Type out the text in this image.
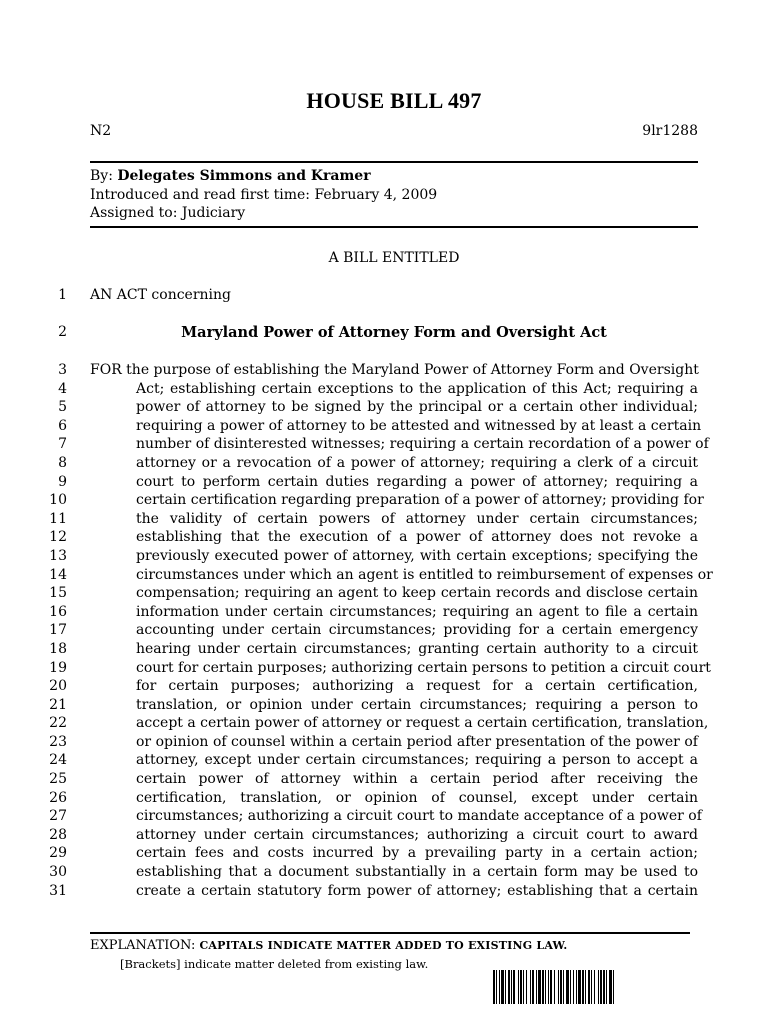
HOUSE BILL 497
N2	9lr1288
By: Delegates Simmons and Kramer
Introduced and read first time: February 4, 2009
Assigned to: Judiciary
A BILL ENTITLED
1 AN ACT concerning
2	Maryland Power of Attorney Form and Oversight Act
3
4
5
6
7
8
9
10
11
12
13
14
15
16
17
18
19
20
21
22
23
24
25
26
27
28
29
30
31
FOR the purpose of establishing the Maryland Power of Attorney Form and Oversight
Act; establishing certain exceptions to the application of this Act; requiring a
power of attorney to be signed by the principal or a certain other individual;
requiring a power of attorney to be attested and witnessed by at least a certain
number of disinterested witnesses; requiring a certain recordation of a power of
attorney or a revocation of a power of attorney; requiring a clerk of a circuit
court to perform certain duties regarding a power of attorney; requiring a
certain certification regarding preparation of a power of attorney; providing for
the validity of certain powers of attorney under certain circumstances;
establishing that the execution of a power of attorney does not revoke a
previously executed power of attorney, with certain exceptions; specifying the
circumstances under which an agent is entitled to reimbursement of expenses or
compensation; requiring an agent to keep certain records and disclose certain
information under certain circumstances; requiring an agent to file a certain
accounting under certain circumstances; providing for a certain emergency
hearing under certain circumstances; granting certain authority to a circuit
court for certain purposes; authorizing certain persons to petition a circuit court
for certain purposes; authorizing a request for a certain certification,
translation, or opinion under certain circumstances; requiring a person to
accept a certain power of attorney or request a certain certification, translation,
or opinion of counsel within a certain period after presentation of the power of
attorney, except under certain circumstances; requiring a person to accept a
certain power of attorney within a certain period after receiving the
certification, translation, or opinion of counsel, except under certain
circumstances; authorizing a circuit court to mandate acceptance of a power of
attorney under certain circumstances; authorizing a circuit court to award
certain fees and costs incurred by a prevailing party in a certain action;
establishing that a document substantially in a certain form may be used to
create a certain statutory form power of attorney; establishing that a certain
EXPLANATION: CAPITALS INDICATE MATTER ADDED TO EXISTING LAW.
[Brackets] indicate matter deleted from existing law.
